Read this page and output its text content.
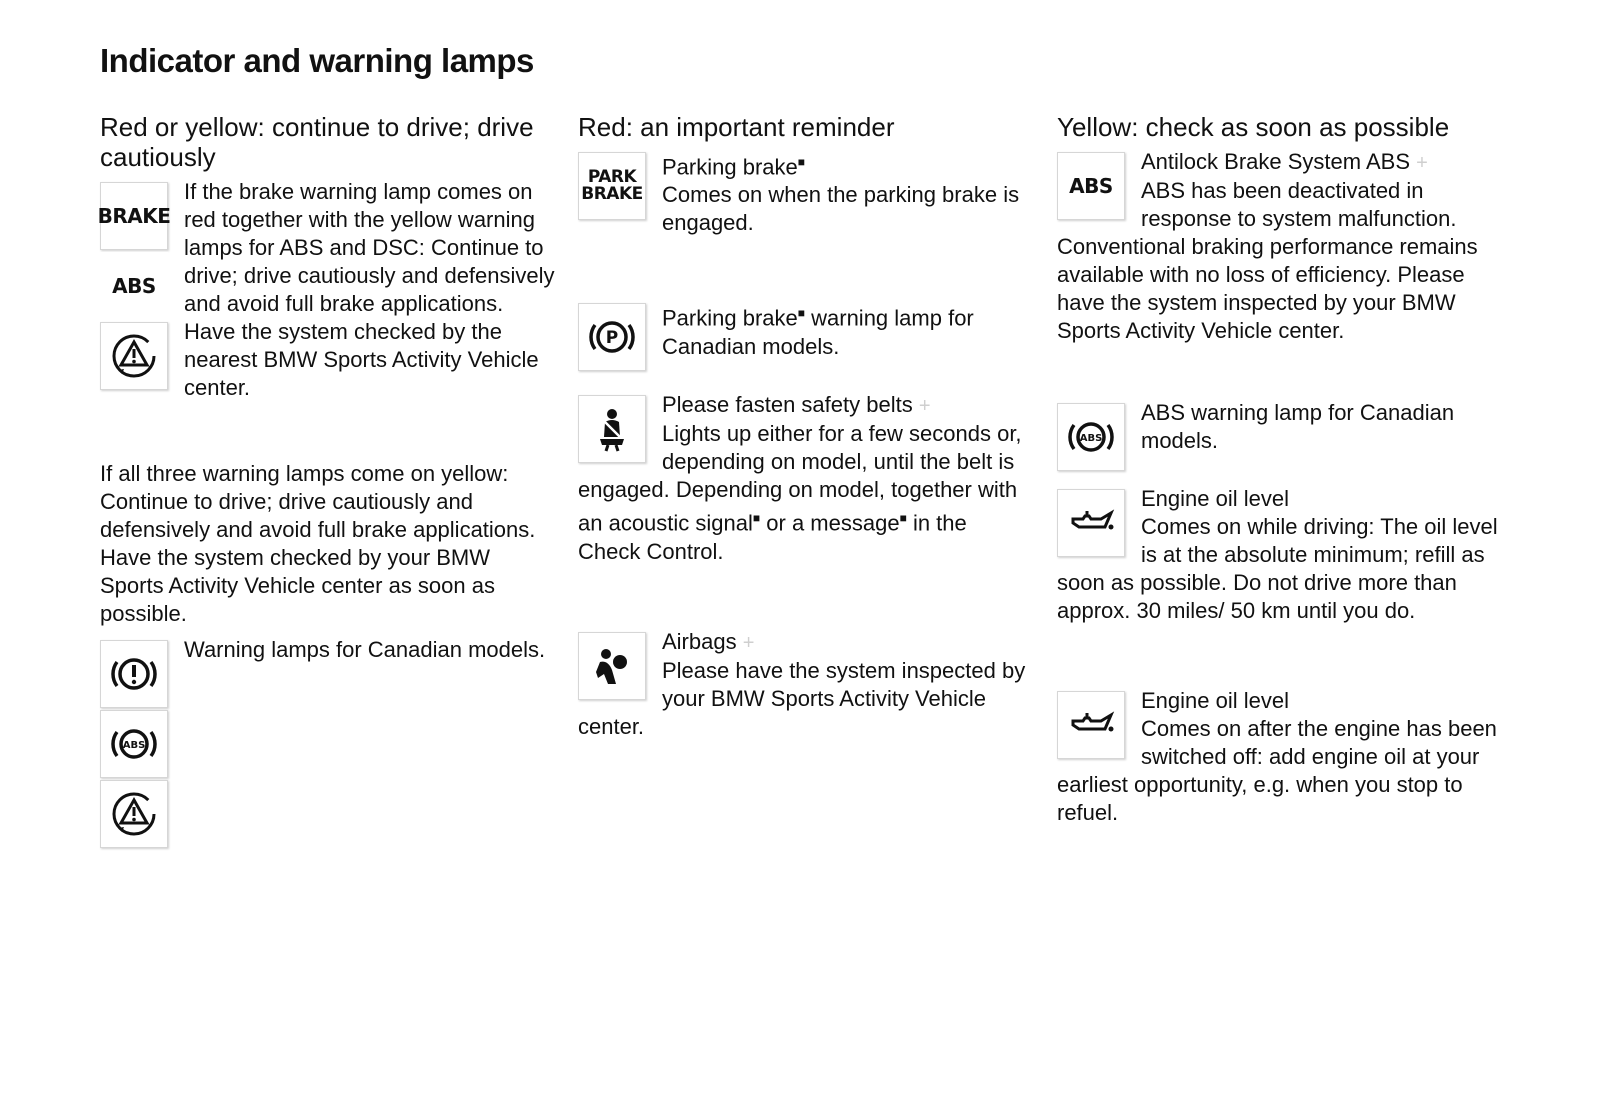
Indicator and warning lamps
Red or yellow: continue to drive; drive cautiously
BRAKE
ABS

If the brake warning lamp comes on red together with the yellow warning lamps for ABS and DSC: Continue to drive; drive cautiously and defensively and avoid full brake applications. Have the system checked by the nearest BMW Sports Activity Vehicle center.

If all three warning lamps come on yellow: Continue to drive; drive cautiously and defensively and avoid full brake applications. Have the system checked by your BMW Sports Activity Vehicle center as soon as possible.

ABS

Warning lamps for Canadian models.

Red: an important reminder
PARK
BRAKE

Parking brake■

Comes on when the parking brake is engaged.

P

Parking brake■ warning lamp for Canadian models.

Please fasten safety belts +

Lights up either for a few seconds or, depending on model, until the belt is engaged. Depending on model, together with an acoustic signal■ or a message■ in the Check Control.

Airbags +

Please have the system inspected by your BMW Sports Activity Vehicle center.

Yellow: check as soon as possible
ABS

Antilock Brake System ABS +

ABS has been deactivated in response to system malfunction. Conventional braking performance remains available with no loss of efficiency. Please have the system inspected by your BMW Sports Activity Vehicle center.

ABS

ABS warning lamp for Canadian models.

Engine oil level

Comes on while driving: The oil level is at the absolute minimum; refill as soon as possible. Do not drive more than approx. 30 miles/ 50 km until you do.

Engine oil level

Comes on after the engine has been switched off: add engine oil at your earliest opportunity, e.g. when you stop to refuel.
